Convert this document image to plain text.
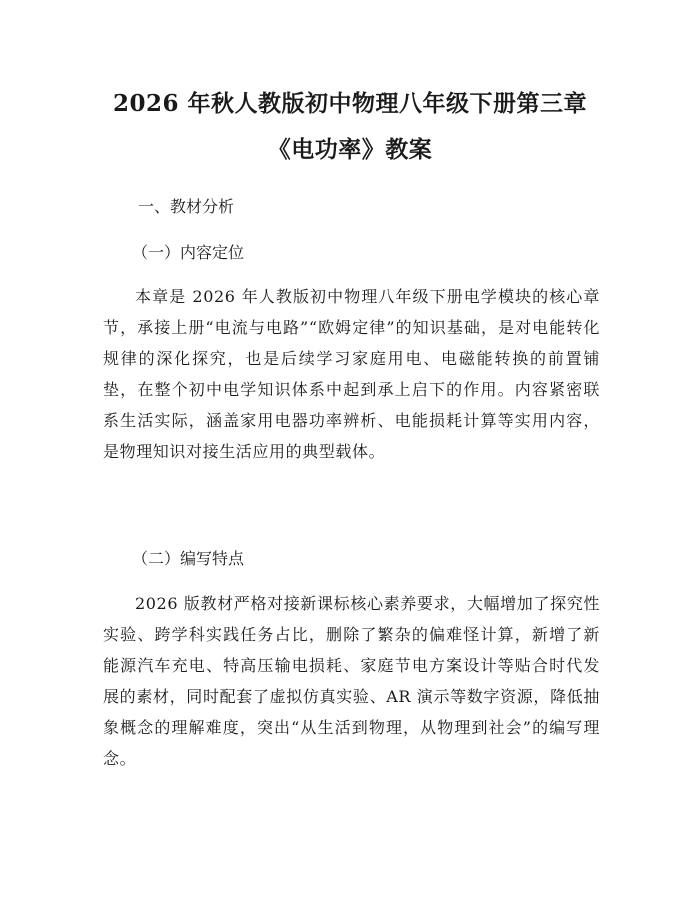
2026 年秋人教版初中物理八年级下册第三章
《电功率》教案

一、教材分析

（一）内容定位

本章是 2026 年人教版初中物理八年级下册电学模块的核心章节，承接上册“电流与电路”“欧姆定律”的知识基础，是对电能转化规律的深化探究，也是后续学习家庭用电、电磁能转换的前置铺垫，在整个初中电学知识体系中起到承上启下的作用。内容紧密联系生活实际，涵盖家用电器功率辨析、电能损耗计算等实用内容，是物理知识对接生活应用的典型载体。

（二）编写特点

2026 版教材严格对接新课标核心素养要求，大幅增加了探究性实验、跨学科实践任务占比，删除了繁杂的偏难怪计算，新增了新能源汽车充电、特高压输电损耗、家庭节电方案设计等贴合时代发展的素材，同时配套了虚拟仿真实验、AR 演示等数字资源，降低抽象概念的理解难度，突出“从生活到物理，从物理到社会”的编写理念。
